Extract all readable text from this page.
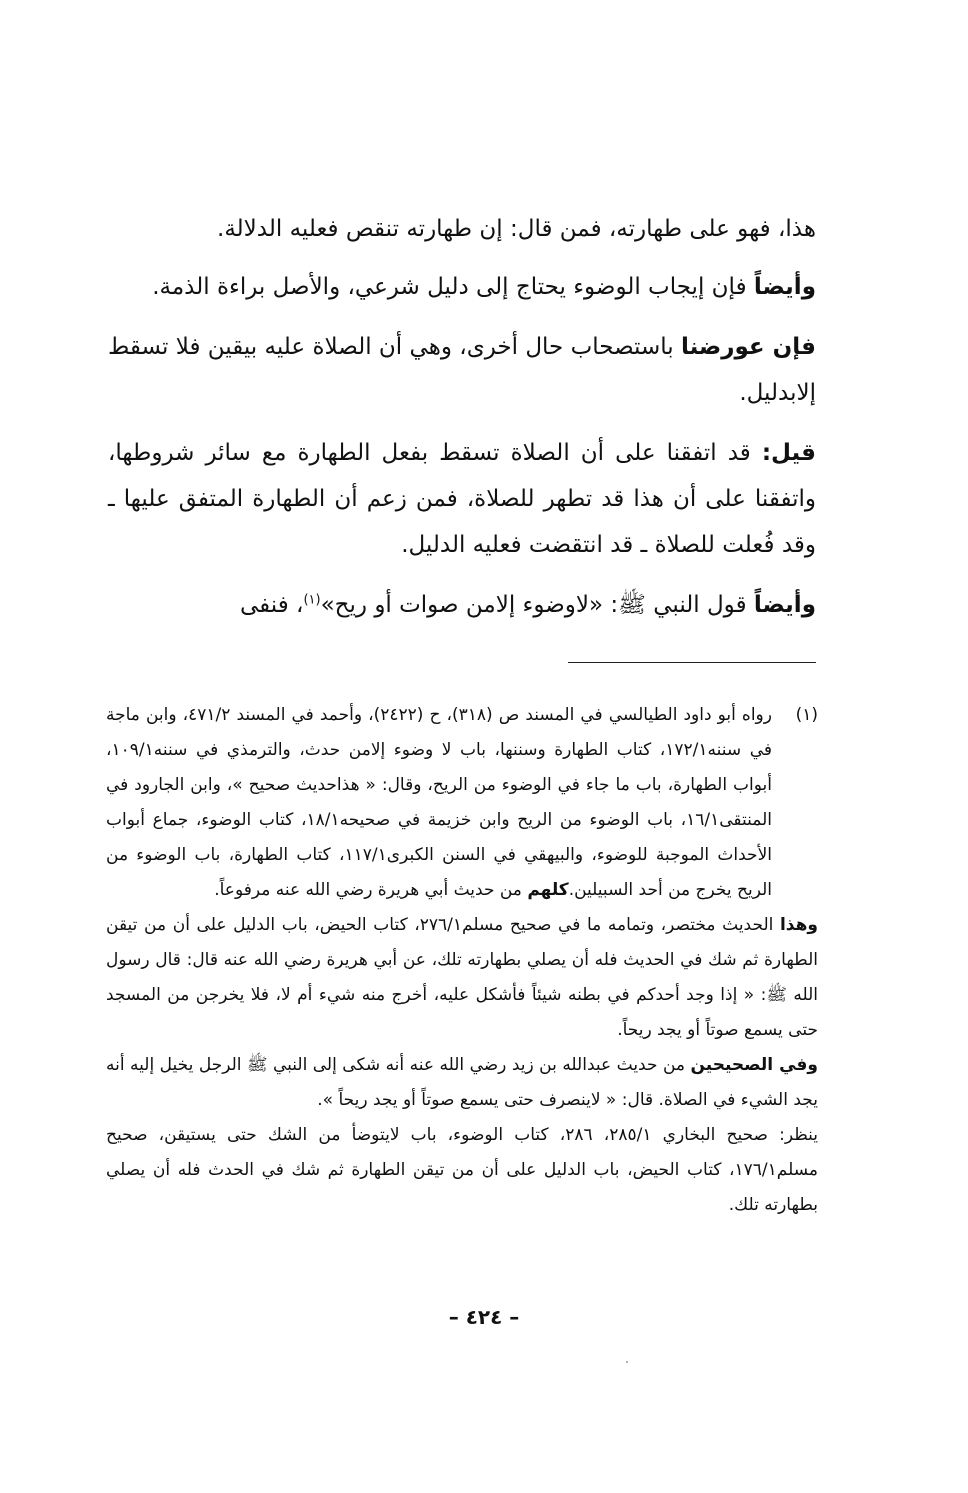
هذا، فهو على طهارته، فمن قال: إن طهارته تنقص فعليه الدلالة.

وأيضاً فإن إيجاب الوضوء يحتاج إلى دليل شرعي، والأصل براءة الذمة.

فإن عورضنا باستصحاب حال أخرى، وهي أن الصلاة عليه بيقين فلا تسقط إلابدليل.

قيل: قد اتفقنا على أن الصلاة تسقط بفعل الطهارة مع سائر شروطها، واتفقنا على أن هذا قد تطهر للصلاة، فمن زعم أن الطهارة المتفق عليها ـ وقد فُعلت للصلاة ـ قد انتقضت فعليه الدليل.

وأيضاً قول النبي ﷺ: «لاوضوء إلامن صوات أو ريح»$^{(١)}$، فنفى

(١)

رواه أبو داود الطيالسي في المسند ص (٣١٨)، ح (٢٤٢٢)، وأحمد في المسند ٤٧١/٢، وابن ماجة في سننه١٧٢/١، كتاب الطهارة وسننها، باب لا وضوء إلامن حدث، والترمذي في سننه١٠٩/١، أبواب الطهارة، باب ما جاء في الوضوء من الريح، وقال: « هذاحديث صحيح »، وابن الجارود في المنتقى١٦/١، باب الوضوء من الريح وابن خزيمة في صحيحه١٨/١، كتاب الوضوء، جماع أبواب الأحداث الموجبة للوضوء، والبيهقي في السنن الكبرى١١٧/١، كتاب الطهارة، باب الوضوء من الريح يخرج من أحد السبيلين.كلهم من حديث أبي هريرة رضي الله عنه مرفوعاً.

وهذا الحديث مختصر، وتمامه ما في صحيح مسلم٢٧٦/١، كتاب الحيض، باب الدليل على أن من تيقن الطهارة ثم شك في الحديث فله أن يصلي بطهارته تلك، عن أبي هريرة رضي الله عنه قال: قال رسول الله ﷺ: « إذا وجد أحدكم في بطنه شيئاً فأشكل عليه، أخرج منه شيء أم لا، فلا يخرجن من المسجد حتى يسمع صوتاً أو يجد ريحاً.

وفي الصحيحين من حديث عبدالله بن زيد رضي الله عنه أنه شكى إلى النبي ﷺ الرجل يخيل إليه أنه يجد الشيء في الصلاة. قال: « لاينصرف حتى يسمع صوتاً أو يجد ريحاً ».

ينظر: صحيح البخاري ٢٨٥/١، ٢٨٦، كتاب الوضوء، باب لايتوضأ من الشك حتى يستيقن، صحيح مسلم١٧٦/١، كتاب الحيض، باب الدليل على أن من تيقن الطهارة ثم شك في الحدث فله أن يصلي بطهارته تلك.

– ٤٢٤ –
